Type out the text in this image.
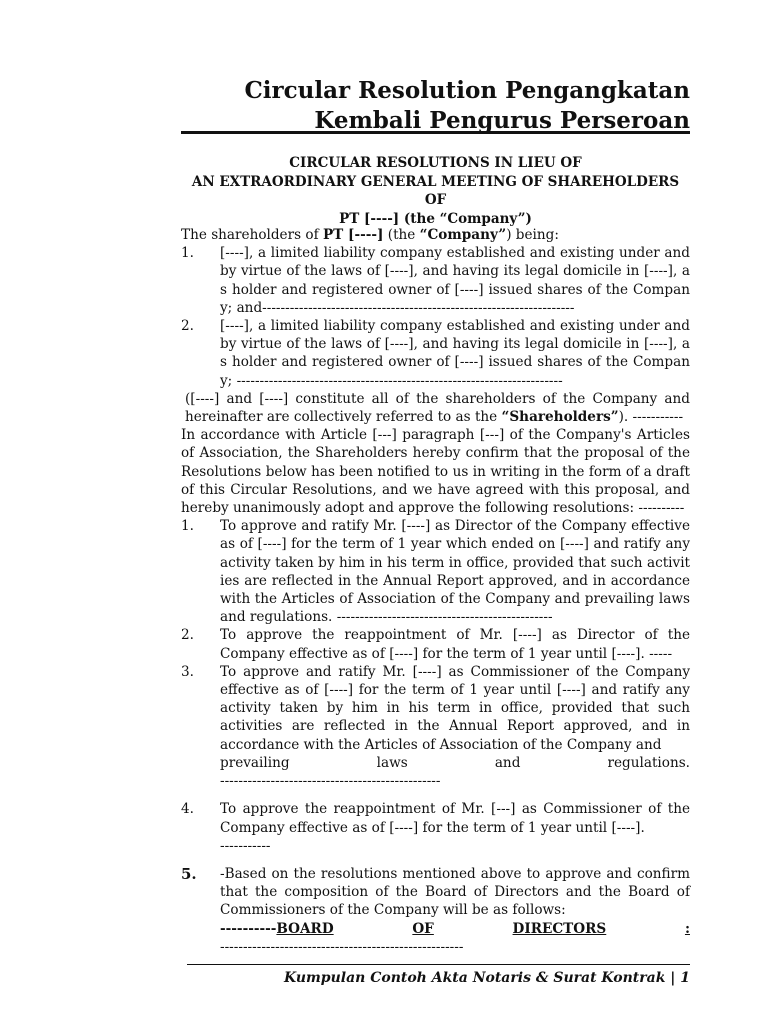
Circular Resolution Pengangkatan
Kembali Pengurus Perseroan
CIRCULAR RESOLUTIONS IN LIEU OF
AN EXTRAORDINARY GENERAL MEETING OF SHAREHOLDERS OF
PT [----] (the “Company”)

The shareholders of PT [----] (the “Company”) being:

1.	[----], a limited liability company established and existing under and by virtue of the laws of [----], and having its legal domicile in [----], as holder and registered owner of [----] issued shares of the Company; and--------------------------------------------------------------------
2.	[----], a limited liability company established and existing under and by virtue of the laws of [----], and having its legal domicile in [----], as holder and registered owner of [----] issued shares of the Company; -----------------------------------------------------------------------

([----] and [----] constitute all of the shareholders of the Company and hereinafter are collectively referred to as the “Shareholders”). -----------

In accordance with Article [---] paragraph [---] of the Company's Articles of Association, the Shareholders hereby confirm that the proposal of the Resolutions below has been notified to us in writing in the form of a draft of this Circular Resolutions, and we have agreed with this proposal, and hereby unanimously adopt and approve the following resolutions: ----------

1.	To approve and ratify Mr. [----] as Director of the Company effective as of [----] for the term of 1 year which ended on [----] and ratify any activity taken by him in his term in office, provided that such activities are reflected in the Annual Report approved, and in accordance with the Articles of Association of the Company and prevailing laws and regulations. -----------------------------------------------
2.	To approve the reappointment of Mr. [----] as Director of the Company effective as of [----] for the term of 1 year until [----]. -----
3.	To approve and ratify Mr. [----] as Commissioner of the Company effective as of [----] for the term of 1 year until [----] and ratify any activity taken by him in his term in office, provided that such activities are reflected in the Annual Report approved, and in accordance with the Articles of Association of the Company and
prevailing	laws	and	regulations.
------------------------------------------------
4.	To approve the reappointment of Mr. [---] as Commissioner of the Company effective as of [----] for the term of 1 year until [----].
-----------
5.	-Based on the resolutions mentioned above to approve and confirm that the composition of the Board of Directors and the Board of Commissioners of the Company will be as follows:
----------BOARD	OF	DIRECTORS	:
-----------------------------------------------------
Kumpulan Contoh Akta Notaris & Surat Kontrak | 1
